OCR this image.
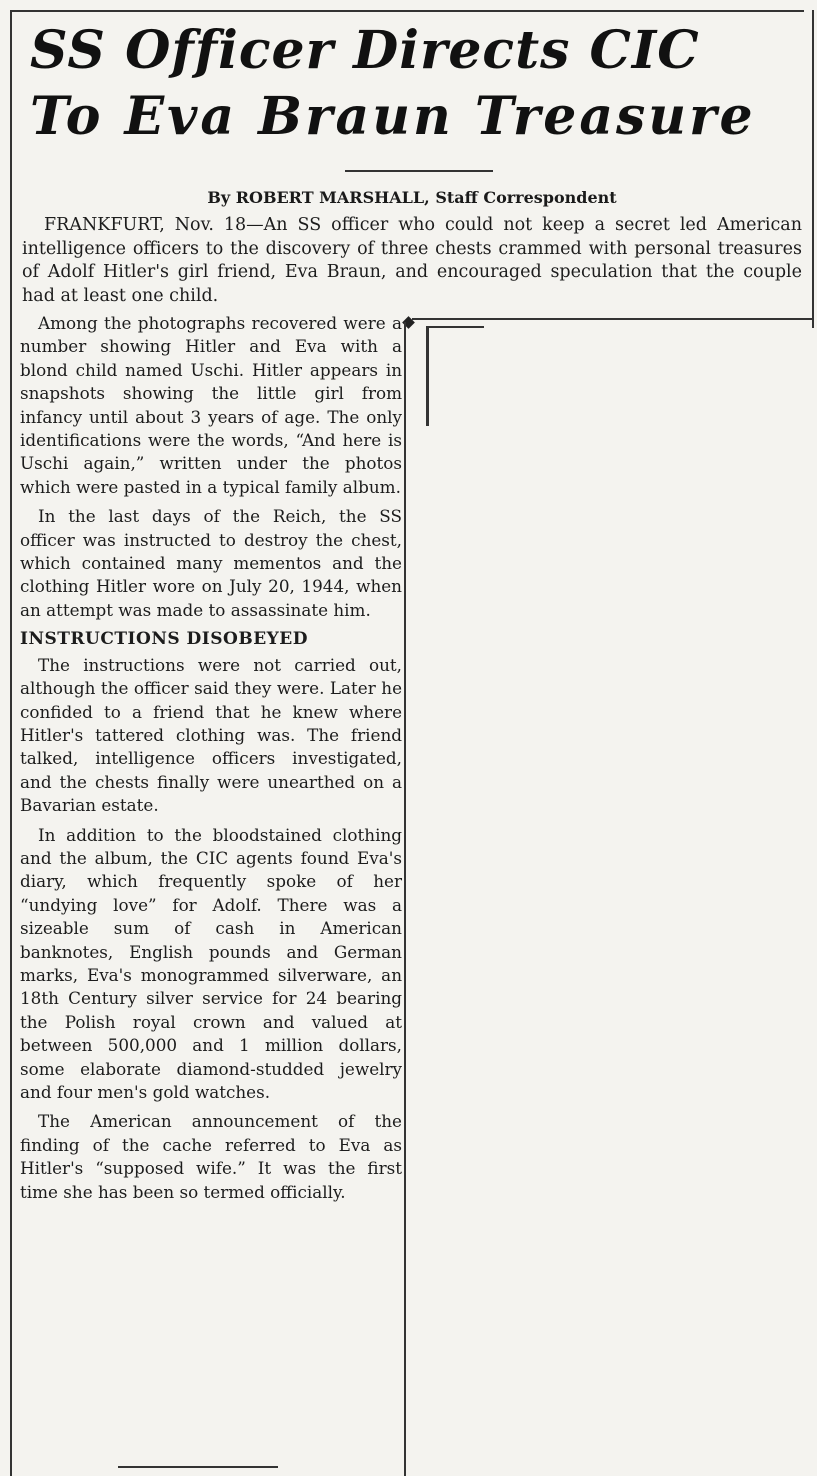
SS Officer Directs CIC
To Eva Braun Treasure
By ROBERT MARSHALL, Staff Correspondent

FRANKFURT, Nov. 18—An SS officer who could not keep a secret led American intelligence officers to the discovery of three chests crammed with personal treasures of Adolf Hitler's girl friend, Eva Braun, and encouraged speculation that the couple had at least one child.

Among the photographs recovered were a number showing Hitler and Eva with a blond child named Uschi. Hitler appears in snapshots showing the little girl from infancy until about 3 years of age. The only identifications were the words, “And here is Uschi again,” written under the photos which were pasted in a typical family album.

In the last days of the Reich, the SS officer was instructed to destroy the chest, which contained many mementos and the clothing Hitler wore on July 20, 1944, when an attempt was made to assassinate him.

INSTRUCTIONS DISOBEYED

The instructions were not carried out, although the officer said they were. Later he confided to a friend that he knew where Hitler's tattered clothing was. The friend talked, intelligence officers investigated, and the chests finally were unearthed on a Bavarian estate.

In addition to the bloodstained clothing and the album, the CIC agents found Eva's diary, which frequently spoke of her “undying love” for Adolf. There was a sizeable sum of cash in American banknotes, English pounds and German marks, Eva's monogrammed silverware, an 18th Century silver service for 24 bearing the Polish royal crown and valued at between 500,000 and 1 million dollars, some elaborate diamond-studded jewelry and four men's gold watches.

The American announcement of the finding of the cache referred to Eva as Hitler's “supposed wife.” It was the first time she has been so termed officially.
